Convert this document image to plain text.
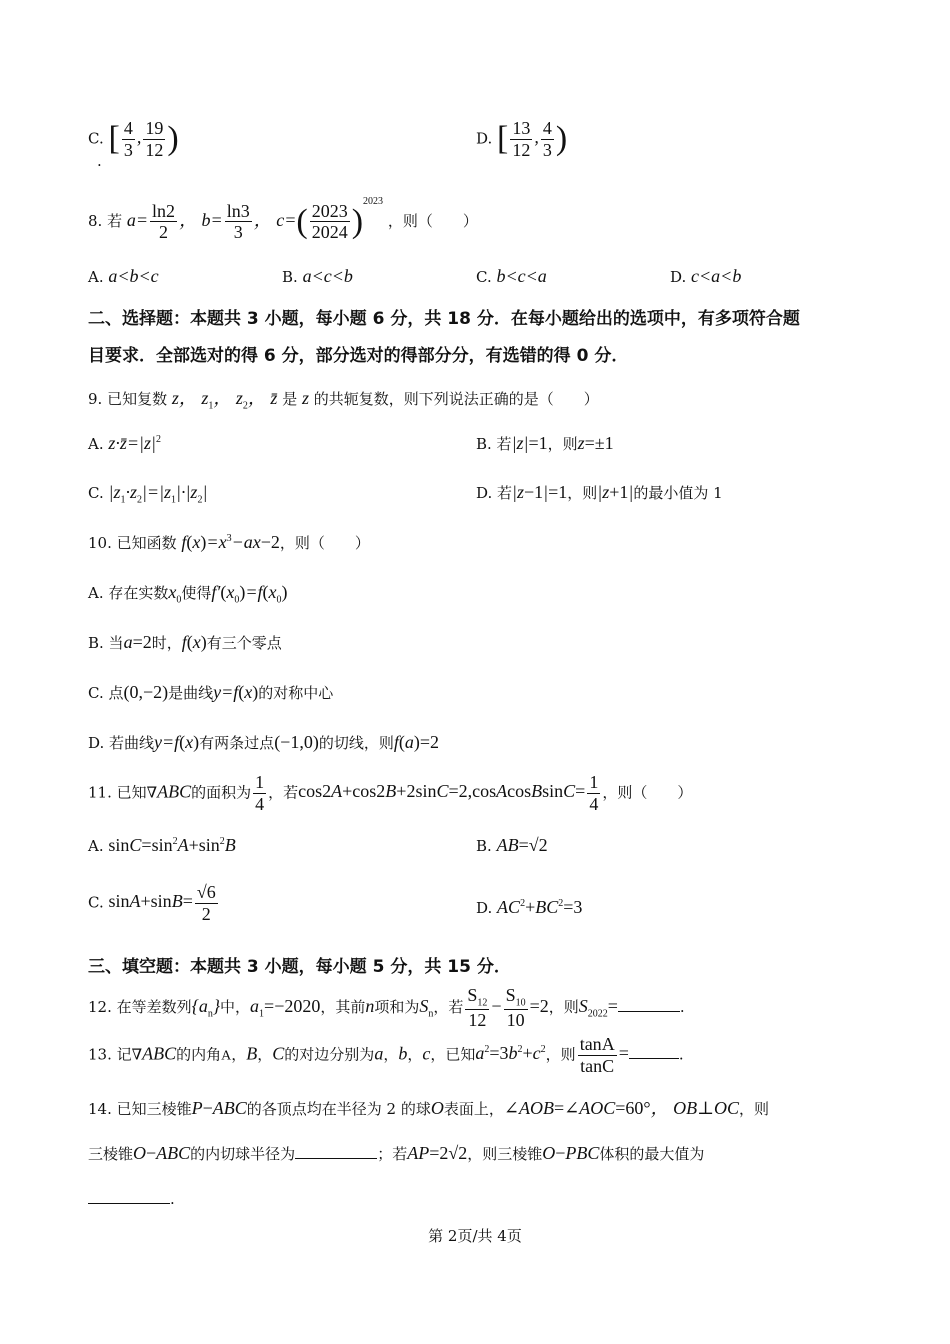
C. [ $\frac{4}{3}$ , $\frac{19}{12}$ )
.
D. [ $\frac{13}{12}$ , $\frac{4}{3}$ )
8. 若 $a= \frac{\ln 2}{2}$ ， $b= \frac{\ln 3}{3}$ ， $c=( \frac{2023}{2024} )^{2023}$ ，则（　　）
A. a<b<c	B. a<c<b	C. b<c<a	D. c<a<b
二、选择题：本题共 3 小题，每小题 6 分，共 18 分．在每小题给出的选项中，有多项符合题
目要求．全部选对的得 6 分，部分选对的得部分分，有选错的得 0 分．
9. 已知复数 z， $z_1$， $z_2$， z̄ 是 z 的共轭复数，则下列说法正确的是（　　）
A. $z\cdot z̄=|z|^2$	B. 若|z|=1，则z=±1
C. $|z_1\cdot z_2|=|z_1|\cdot|z_2|$	D. 若|z−1|=1，则|z+1|的最小值为 1
10. 已知函数 $f(x)=x^3-ax-2$，则（　　）
A. 存在实数$x_0$使得$f'(x_0)=f(x_0)$
B. 当a=2时，f(x)有三个零点
C. 点(0,−2)是曲线y=f(x)的对称中心
D. 若曲线y=f(x)有两条过点(−1,0)的切线，则f(a)=2
11. 已知∇ABC的面积为 $\frac{1}{4}$ ，若cos2A+cos2B+2sinC=2,cosAcosBsinC= $\frac{1}{4}$ ，则（　　）
A. $\sin C=\sin^2A+\sin^2B$	B. AB=√2
C. $\sin A+\sin B= \frac{√6}{2}$	D. $AC^2+BC^2=3$
三、填空题：本题共 3 小题，每小题 5 分，共 15 分．
12. 在等差数列$\{a_n\}$中，$a_1=-2020$，其前n项和为$S_n$，若 $\frac{S_{12}}{12} - \frac{S_{10}}{10} =2$，则$S_{2022}=$	.
13. 记∇ABC的内角A，B，C的对边分别为a，b，c，已知$a^2=3b^2+c^2$，则 $\frac{\tan A}{\tan C}$ =	.
14. 已知三棱锥P−ABC的各顶点均在半径为 2 的球O表面上，∠AOB=∠AOC=60°， OB⊥OC，则
三棱锥O−ABC的内切球半径为	；若AP=2√2，则三棱锥O−PBC体积的最大值为
.
第 2页/共 4页
